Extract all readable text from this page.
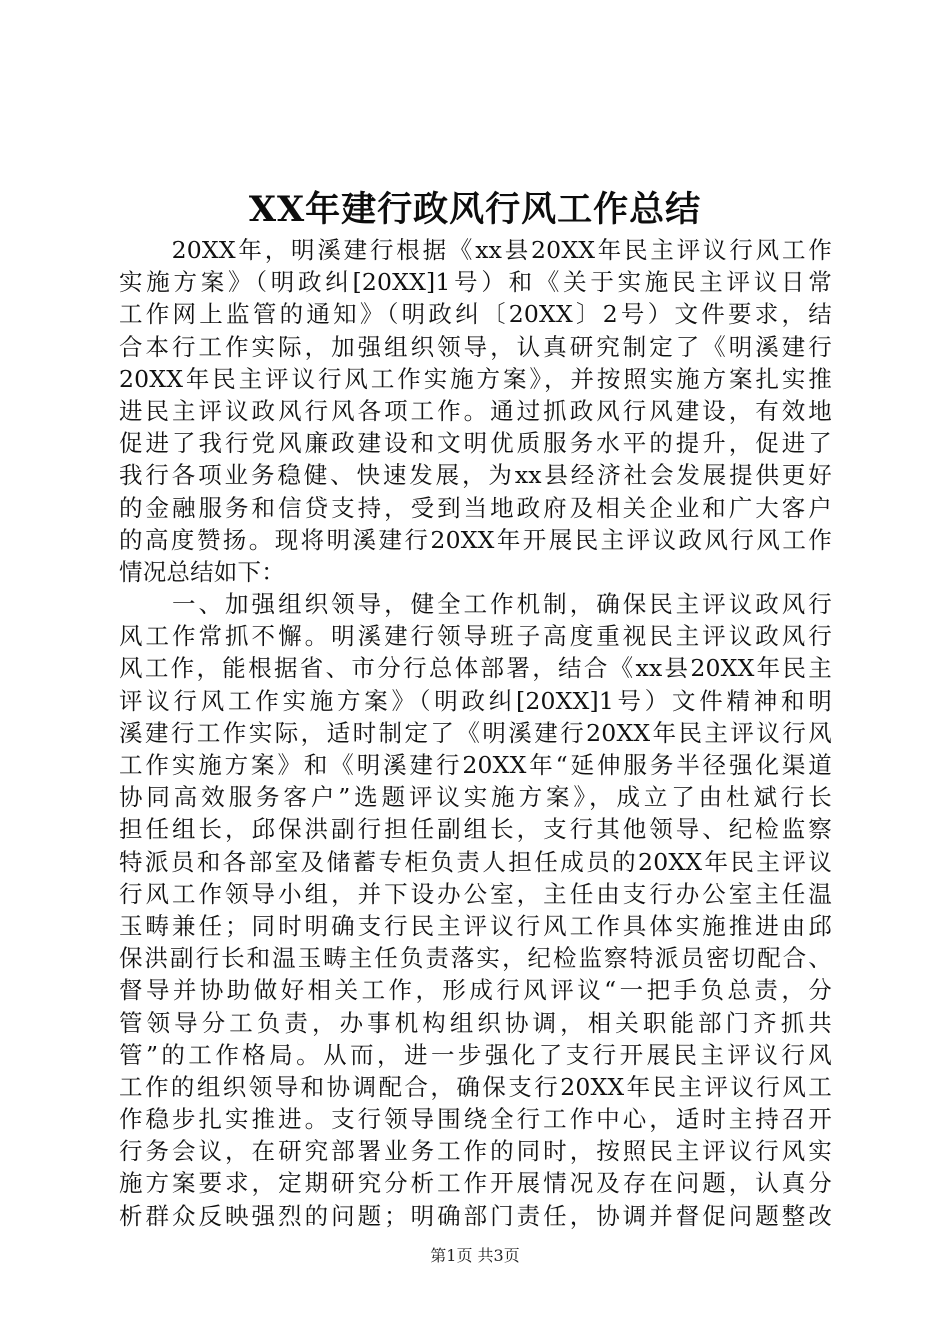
XX年建行政风行风工作总结
　　20XX年，明溪建行根据《xx县20XX年民主评议行风工作
实施方案》（明政纠[20XX]1号）和《关于实施民主评议日常
工作网上监管的通知》（明政纠〔20XX〕2号）文件要求，结
合本行工作实际，加强组织领导，认真研究制定了《明溪建行
20XX年民主评议行风工作实施方案》，并按照实施方案扎实推
进民主评议政风行风各项工作。通过抓政风行风建设，有效地
促进了我行党风廉政建设和文明优质服务水平的提升，促进了
我行各项业务稳健、快速发展，为xx县经济社会发展提供更好
的金融服务和信贷支持，受到当地政府及相关企业和广大客户
的高度赞扬。现将明溪建行20XX年开展民主评议政风行风工作
情况总结如下：
　　一、加强组织领导，健全工作机制，确保民主评议政风行
风工作常抓不懈。明溪建行领导班子高度重视民主评议政风行
风工作，能根据省、市分行总体部署，结合《xx县20XX年民主
评议行风工作实施方案》（明政纠[20XX]1号）文件精神和明
溪建行工作实际，适时制定了《明溪建行20XX年民主评议行风
工作实施方案》和《明溪建行20XX年“延伸服务半径强化渠道
协同高效服务客户”选题评议实施方案》，成立了由杜斌行长
担任组长，邱保洪副行担任副组长，支行其他领导、纪检监察
特派员和各部室及储蓄专柜负责人担任成员的20XX年民主评议
行风工作领导小组，并下设办公室，主任由支行办公室主任温
玉畴兼任；同时明确支行民主评议行风工作具体实施推进由邱
保洪副行长和温玉畴主任负责落实，纪检监察特派员密切配合、
督导并协助做好相关工作，形成行风评议“一把手负总责，分
管领导分工负责，办事机构组织协调，相关职能部门齐抓共
管”的工作格局。从而，进一步强化了支行开展民主评议行风
工作的组织领导和协调配合，确保支行20XX年民主评议行风工
作稳步扎实推进。支行领导围绕全行工作中心，适时主持召开
行务会议，在研究部署业务工作的同时，按照民主评议行风实
施方案要求，定期研究分析工作开展情况及存在问题，认真分
析群众反映强烈的问题；明确部门责任，协调并督促问题整改
第1页 共3页
